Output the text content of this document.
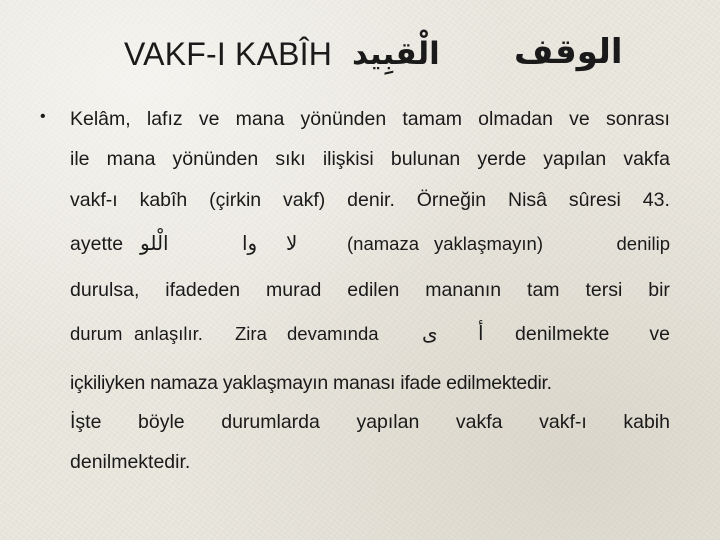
VAKF-I KABÎH الْقبِيد الوقف
• Kelâm, lafız ve mana yönünden tamam olmadan ve sonrası
ile mana yönünden sıkı ilişkisi bulunan yerde yapılan vakfa
vakf-ı kabîh (çirkin vakf) denir. Örneğin Nisâ sûresi 43.
ayette الْلو	وا لا	(namaza yaklaşmayın)	denilip
durulsa, ifadeden murad edilen mananın tam tersi bir
durum anlaşılır. Zira devamında ى أ denilmekte ve
içkiliyken namaza yaklaşmayın manası ifade edilmektedir.
İşte böyle durumlarda yapılan vakfa vakf-ı kabih
denilmektedir.
